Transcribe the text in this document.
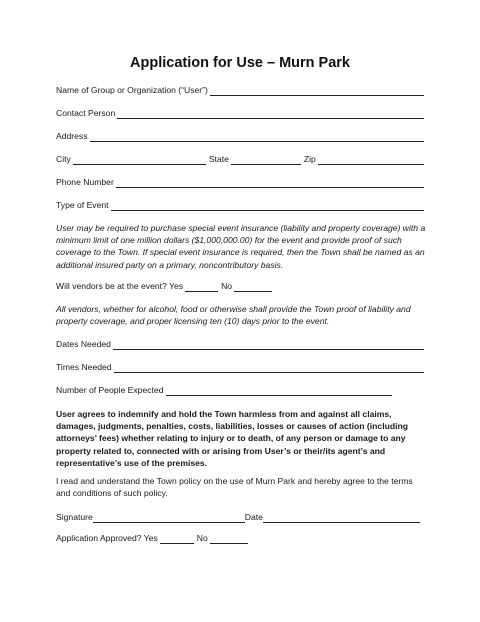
Application for Use – Murn Park
Name of Group or Organization (“User”)
Contact Person
Address
City	State	Zip
Phone Number
Type of Event
User may be required to purchase special event insurance (liability and property coverage) with a minimum limit of one million dollars ($1,000,000.00) for the event and provide proof of such coverage to the Town. If special event insurance is required, then the Town shall be named as an additional insured party on a primary, noncontributory basis.
Will vendors be at the event? Yes	No
All vendors, whether for alcohol, food or otherwise shall provide the Town proof of liability and property coverage, and proper licensing ten (10) days prior to the event.
Dates Needed
Times Needed
Number of People Expected
User agrees to indemnify and hold the Town harmless from and against all claims, damages, judgments, penalties, costs, liabilities, losses or causes of action (including attorneys’ fees) whether relating to injury or to death, of any person or damage to any property related to, connected with or arising from User’s or their/its agent’s and representative’s use of the premises.
I read and understand the Town policy on the use of Murn Park and hereby agree to the terms and conditions of such policy.
Signature	Date
Application Approved? Yes	No
